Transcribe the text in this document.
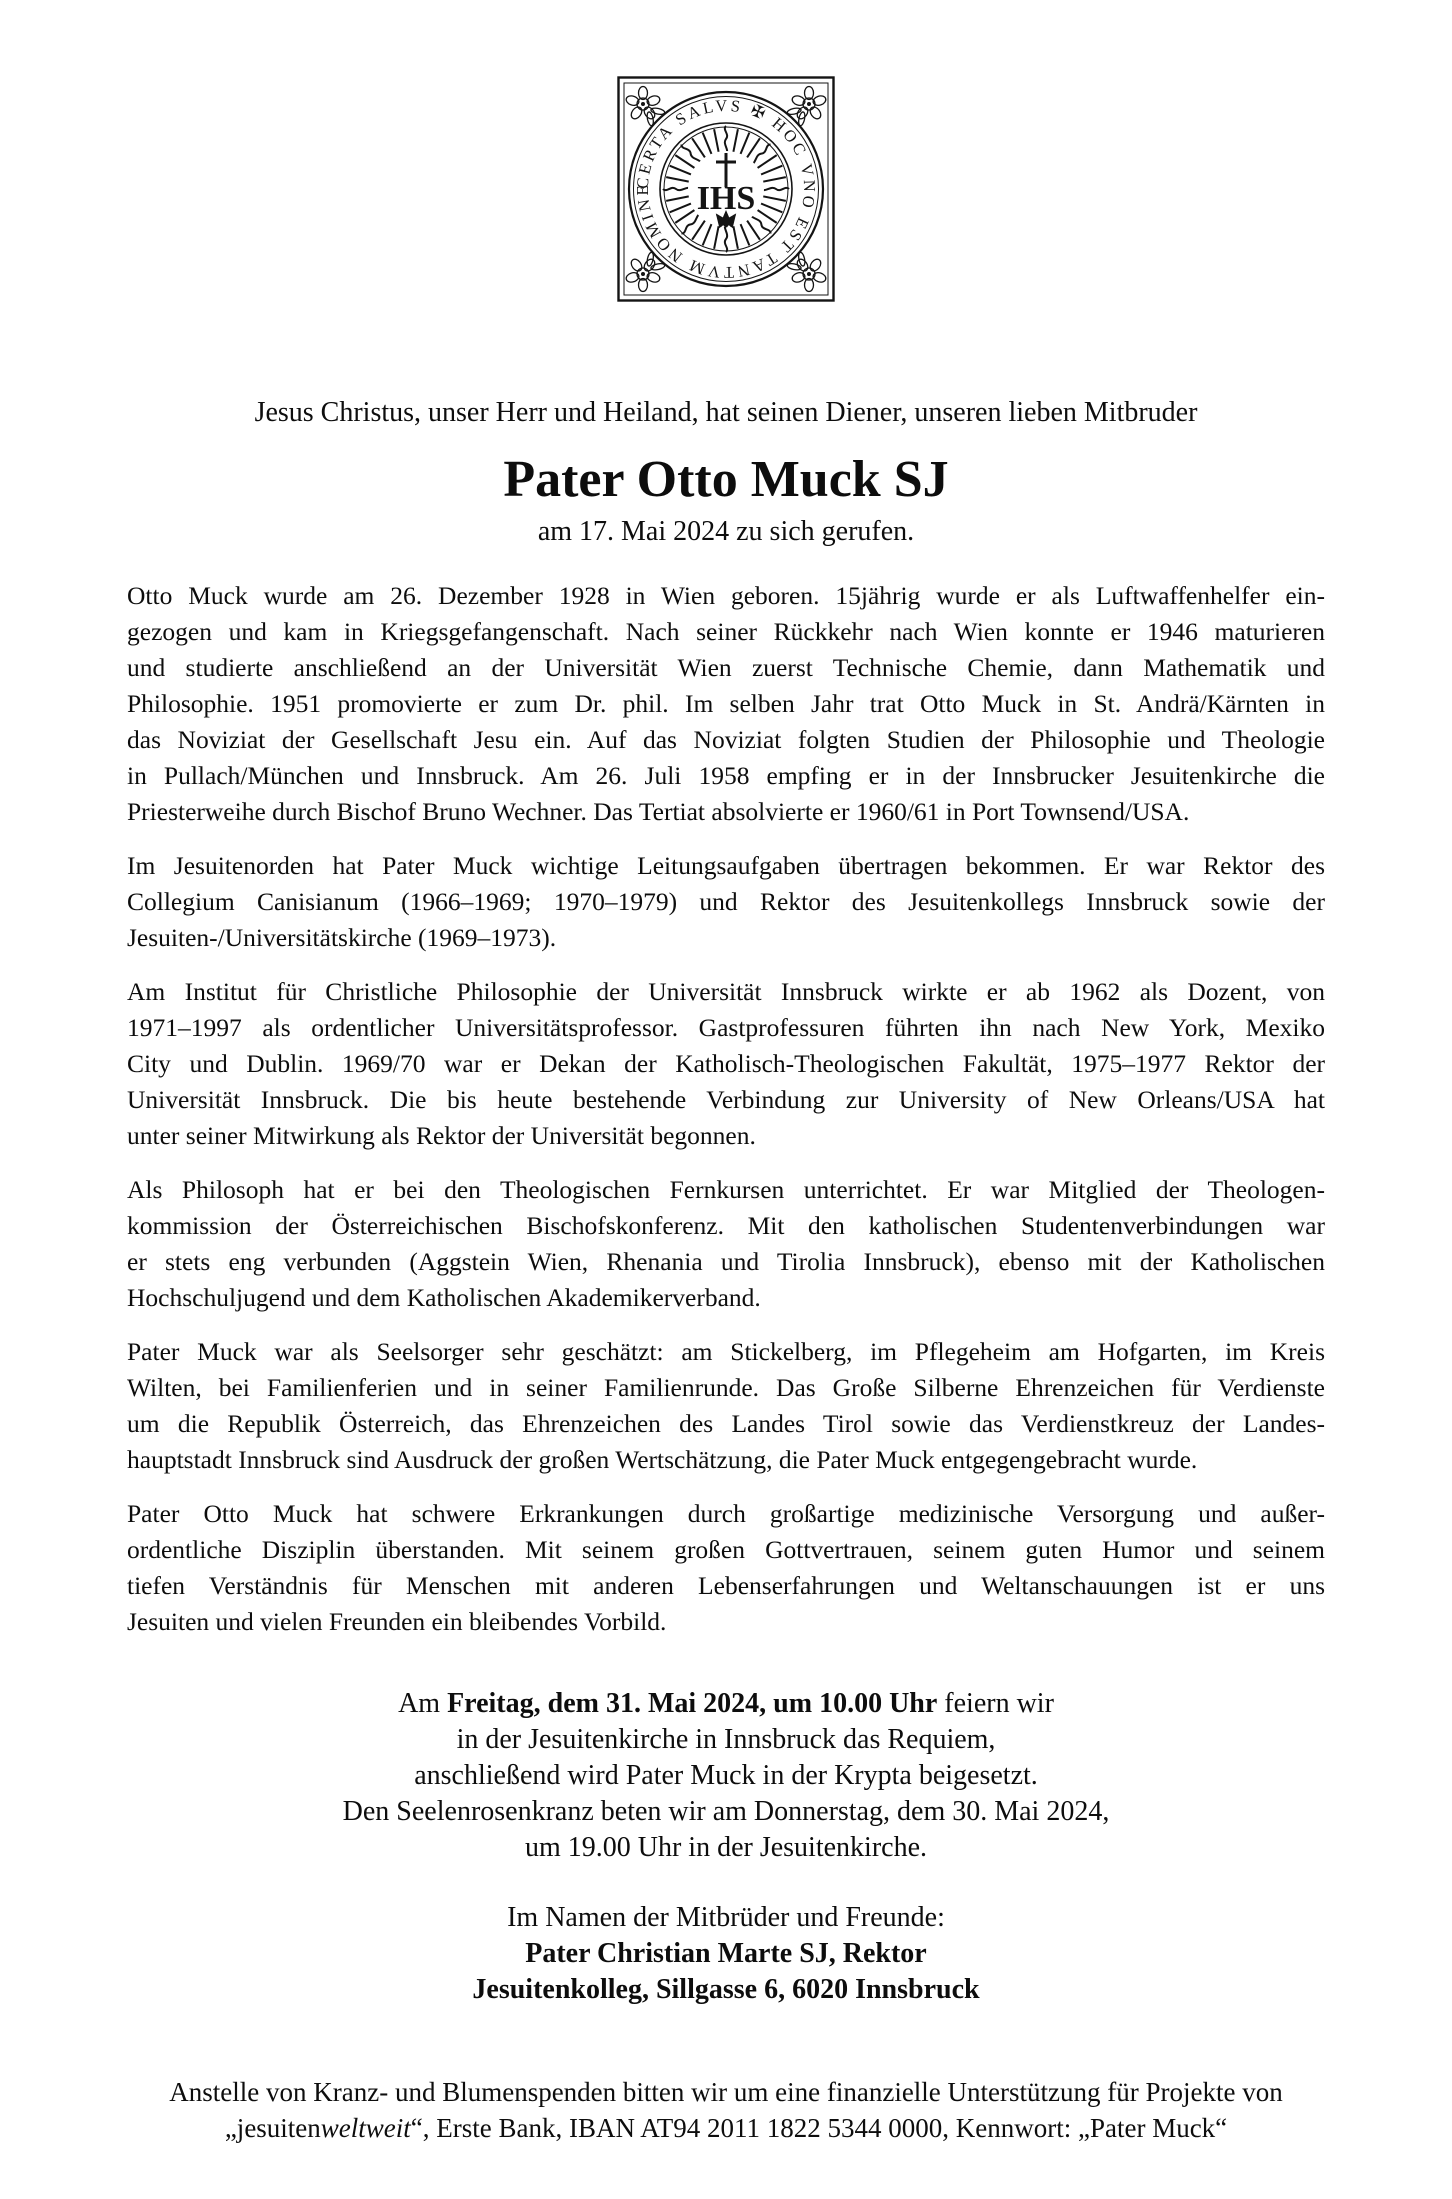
CERTA SALVS ✠ HOC VNO EST TANTVM NOMINE	IHS
Jesus Christus, unser Herr und Heiland, hat seinen Diener, unseren lieben Mitbruder
Pater Otto Muck SJ
am 17. Mai 2024 zu sich gerufen.
Otto Muck wurde am 26. Dezember 1928 in Wien geboren. 15jährig wurde er als Luftwaffenhelfer ein-
gezogen und kam in Kriegsgefangenschaft. Nach seiner Rückkehr nach Wien konnte er 1946 maturieren
und studierte anschließend an der Universität Wien zuerst Technische Chemie, dann Mathematik und
Philosophie. 1951 promovierte er zum Dr. phil. Im selben Jahr trat Otto Muck in St. Andrä/Kärnten in
das Noviziat der Gesellschaft Jesu ein. Auf das Noviziat folgten Studien der Philosophie und Theologie
in Pullach/München und Innsbruck. Am 26. Juli 1958 empfing er in der Innsbrucker Jesuitenkirche die
Priesterweihe durch Bischof Bruno Wechner. Das Tertiat absolvierte er 1960/61 in Port Townsend/USA.
Im Jesuitenorden hat Pater Muck wichtige Leitungsaufgaben übertragen bekommen. Er war Rektor des
Collegium Canisianum (1966–1969; 1970–1979) und Rektor des Jesuitenkollegs Innsbruck sowie der
Jesuiten-/Universitätskirche (1969–1973).
Am Institut für Christliche Philosophie der Universität Innsbruck wirkte er ab 1962 als Dozent, von
1971–1997 als ordentlicher Universitätsprofessor. Gastprofessuren führten ihn nach New York, Mexiko
City und Dublin. 1969/70 war er Dekan der Katholisch-Theologischen Fakultät, 1975–1977 Rektor der
Universität Innsbruck. Die bis heute bestehende Verbindung zur University of New Orleans/USA hat
unter seiner Mitwirkung als Rektor der Universität begonnen.
Als Philosoph hat er bei den Theologischen Fernkursen unterrichtet. Er war Mitglied der Theologen-
kommission der Österreichischen Bischofskonferenz. Mit den katholischen Studentenverbindungen war
er stets eng verbunden (Aggstein Wien, Rhenania und Tirolia Innsbruck), ebenso mit der Katholischen
Hochschuljugend und dem Katholischen Akademikerverband.
Pater Muck war als Seelsorger sehr geschätzt: am Stickelberg, im Pflegeheim am Hofgarten, im Kreis
Wilten, bei Familienferien und in seiner Familienrunde. Das Große Silberne Ehrenzeichen für Verdienste
um die Republik Österreich, das Ehrenzeichen des Landes Tirol sowie das Verdienstkreuz der Landes-
hauptstadt Innsbruck sind Ausdruck der großen Wertschätzung, die Pater Muck entgegengebracht wurde.
Pater Otto Muck hat schwere Erkrankungen durch großartige medizinische Versorgung und außer-
ordentliche Disziplin überstanden. Mit seinem großen Gottvertrauen, seinem guten Humor und seinem
tiefen Verständnis für Menschen mit anderen Lebenserfahrungen und Weltanschauungen ist er uns
Jesuiten und vielen Freunden ein bleibendes Vorbild.
Am Freitag, dem 31. Mai 2024, um 10.00 Uhr feiern wir
in der Jesuitenkirche in Innsbruck das Requiem,
anschließend wird Pater Muck in der Krypta beigesetzt.
Den Seelenrosenkranz beten wir am Donnerstag, dem 30. Mai 2024,
um 19.00 Uhr in der Jesuitenkirche.
Im Namen der Mitbrüder und Freunde:
Pater Christian Marte SJ, Rektor
Jesuitenkolleg, Sillgasse 6, 6020 Innsbruck
Anstelle von Kranz- und Blumenspenden bitten wir um eine finanzielle Unterstützung für Projekte von
„jesuitenweltweit“, Erste Bank, IBAN AT94 2011 1822 5344 0000, Kennwort: „Pater Muck“
